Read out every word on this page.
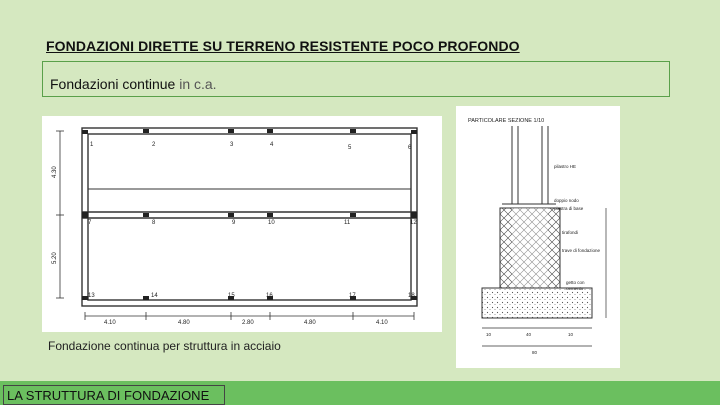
FONDAZIONI DIRETTE SU TERRENO RESISTENTE POCO PROFONDO
Fondazioni continue in c.a.
1	2	3	4	5	6
7	8	9	10	11	12
13	14	15	16	17	18
4.10	4.80	2.80	4.80	4.10
4.30
5.20
PARTICOLARE SEZIONE 1/10
pilastro HE
doppio nodo
piastra di base
tirafondi
trave di fondazione
getto con
cemento
10	40	10
80
Fondazione continua per struttura in acciaio
LA STRUTTURA DI FONDAZIONE
